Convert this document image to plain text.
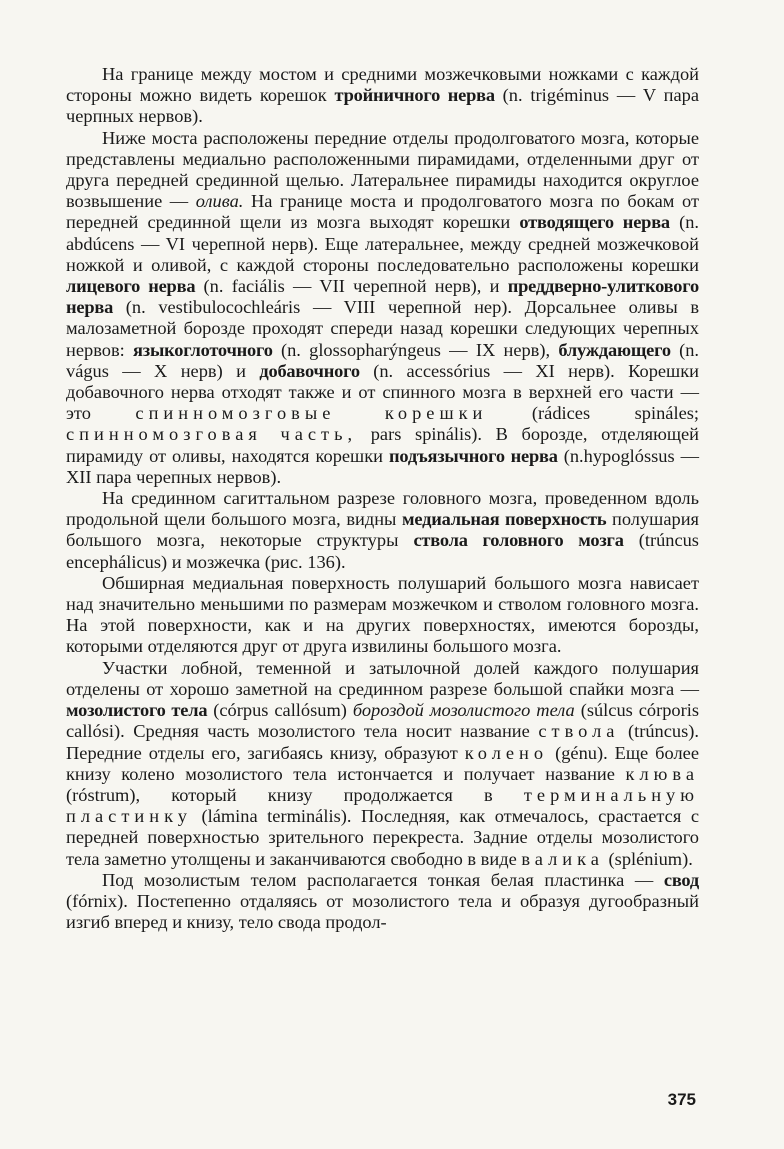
На границе между мостом и средними мозжечковыми ножками с каждой стороны можно видеть корешок тройничного нерва (n. trigéminus — V пара черпных нервов).

Ниже моста расположены передние отделы продолговатого мозга, которые представлены медиально расположенными пирамидами, отделенными друг от друга передней срединной щелью. Латеральнее пирамиды находится округлое возвышение — олива. На границе моста и продолговатого мозга по бокам от передней срединной щели из мозга выходят корешки отводящего нерва (n. abdúcens — VI черепной нерв). Еще латеральнее, между средней мозжечковой ножкой и оливой, с каждой стороны последовательно расположены корешки лицевого нерва (n. faciális — VII черепной нерв), и преддверно-улиткового нерва (n. vestibulocochleáris — VIII черепной нер). Дорсальнее оливы в малозаметной борозде проходят спереди назад корешки следующих черепных нервов: языкоглоточного (n. glossopharýngeus — IX нерв), блуждающего (n. vágus — X нерв) и добавочного (n. accessórius — XI нерв). Корешки добавочного нерва отходят также и от спинного мозга в верхней его части — это спинномозговые корешки (rádices spináles; спинномозговая часть, pars spinális). В борозде, отделяющей пирамиду от оливы, находятся корешки подъязычного нерва (n.hypoglóssus — XII пара черепных нервов).

На срединном сагиттальном разрезе головного мозга, проведенном вдоль продольной щели большого мозга, видны медиальная поверхность полушария большого мозга, некоторые структуры ствола головного мозга (trúncus encephálicus) и мозжечка (рис. 136).

Обширная медиальная поверхность полушарий большого мозга нависает над значительно меньшими по размерам мозжечком и стволом головного мозга. На этой поверхности, как и на других поверхностях, имеются борозды, которыми отделяются друг от друга извилины большого мозга.

Участки лобной, теменной и затылочной долей каждого полушария отделены от хорошо заметной на срединном разрезе большой спайки мозга — мозолистого тела (córpus callósum) бороздой мозолистого тела (súlcus córporis callósi). Средняя часть мозолистого тела носит название ствола (trúncus). Передние отделы его, загибаясь книзу, образуют колено (génu). Еще более книзу колено мозолистого тела истончается и получает название клюва (róstrum), который книзу продолжается в терминальную пластинку (lámina terminális). Последняя, как отмечалось, срастается с передней поверхностью зрительного перекреста. Задние отделы мозолистого тела заметно утолщены и заканчиваются свободно в виде валика (splénium).

Под мозолистым телом располагается тонкая белая пластинка — свод (fórnix). Постепенно отдаляясь от мозолистого тела и образуя дугообразный изгиб вперед и книзу, тело свода продол-

375
